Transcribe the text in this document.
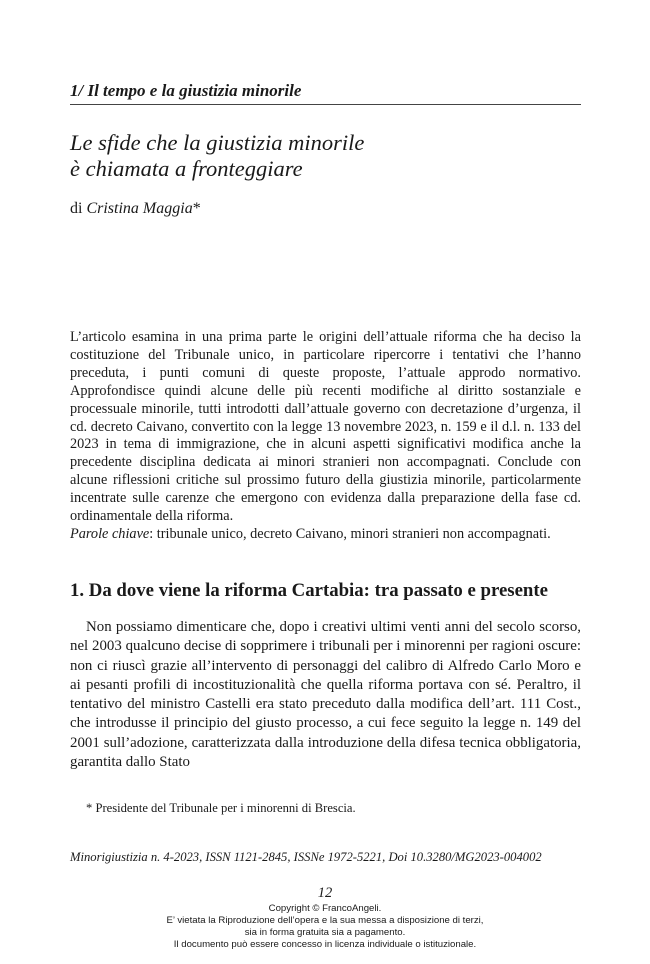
1/ Il tempo e la giustizia minorile
Le sfide che la giustizia minorile
è chiamata a fronteggiare
di Cristina Maggia*

L’articolo esamina in una prima parte le origini dell’attuale riforma che ha deciso la costituzione del Tribunale unico, in particolare ripercorre i tentativi che l’hanno preceduta, i punti comuni di queste proposte, l’attuale approdo normativo. Approfondisce quindi alcune delle più recenti modifiche al diritto sostanziale e processuale minorile, tutti introdotti dall’attuale governo con decretazione d’urgenza, il cd. decreto Caivano, convertito con la legge 13 novembre 2023, n. 159 e il d.l. n. 133 del 2023 in tema di immigrazione, che in alcuni aspetti significativi modifica anche la precedente disciplina dedicata ai minori stranieri non accompagnati. Conclude con alcune riflessioni critiche sul prossimo futuro della giustizia minorile, particolarmente incentrate sulle carenze che emergono con evidenza dalla preparazione della fase cd. ordinamentale della riforma.

Parole chiave: tribunale unico, decreto Caivano, minori stranieri non accompagnati.
1. Da dove viene la riforma Cartabia: tra passato e presente

Non possiamo dimenticare che, dopo i creativi ultimi venti anni del secolo scorso, nel 2003 qualcuno decise di sopprimere i tribunali per i minorenni per ragioni oscure: non ci riuscì grazie all’intervento di personaggi del calibro di Alfredo Carlo Moro e ai pesanti profili di incostituzionalità che quella riforma portava con sé. Peraltro, il tentativo del ministro Castelli era stato preceduto dalla modifica dell’art. 111 Cost., che introdusse il principio del giusto processo, a cui fece seguito la legge n. 149 del 2001 sull’adozione, caratterizzata dalla introduzione della difesa tecnica obbligatoria, garantita dallo Stato

* Presidente del Tribunale per i minorenni di Brescia.
Minorigiustizia n. 4-2023, ISSN 1121-2845, ISSNe 1972-5221, Doi 10.3280/MG2023-004002
12
Copyright © FrancoAngeli.
E’ vietata la Riproduzione dell’opera e la sua messa a disposizione di terzi,
sia in forma gratuita sia a pagamento.
Il documento può essere concesso in licenza individuale o istituzionale.
